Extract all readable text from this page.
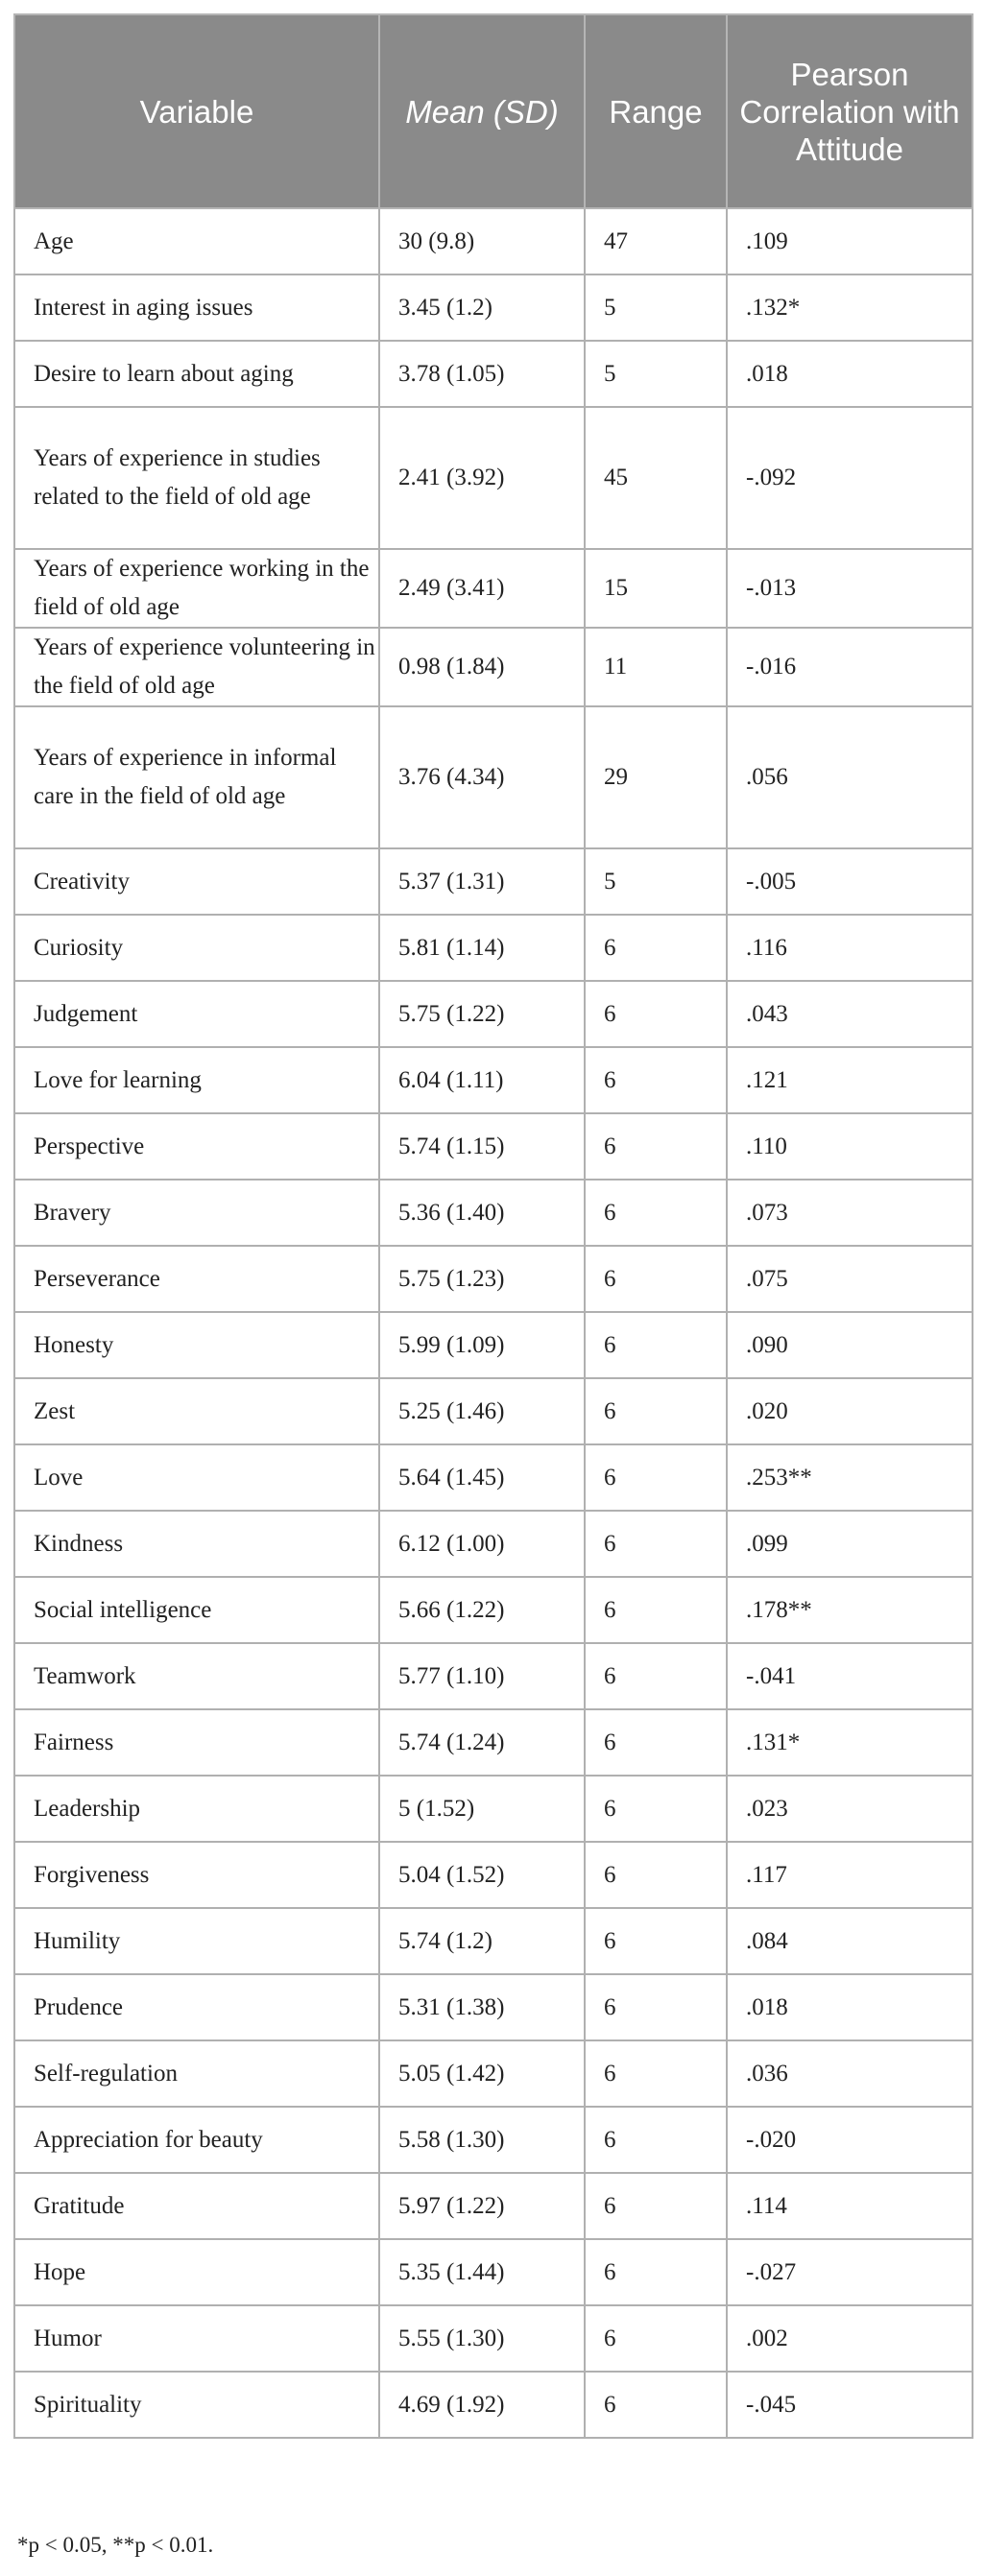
Variable	Mean (SD)	Range	Pearson Correlation with Attitude
Age	30 (9.8)	47	.109
Interest in aging issues	3.45 (1.2)	5	.132*
Desire to learn about aging	3.78 (1.05)	5	.018
Years of experience in studies related to the field of old age	2.41 (3.92)	45	-.092
Years of experience working in the field of old age	2.49 (3.41)	15	-.013
Years of experience volunteering in the field of old age	0.98 (1.84)	11	-.016
Years of experience in informal care in the field of old age	3.76 (4.34)	29	.056
Creativity	5.37 (1.31)	5	-.005
Curiosity	5.81 (1.14)	6	.116
Judgement	5.75 (1.22)	6	.043
Love for learning	6.04 (1.11)	6	.121
Perspective	5.74 (1.15)	6	.110
Bravery	5.36 (1.40)	6	.073
Perseverance	5.75 (1.23)	6	.075
Honesty	5.99 (1.09)	6	.090
Zest	5.25 (1.46)	6	.020
Love	5.64 (1.45)	6	.253**
Kindness	6.12 (1.00)	6	.099
Social intelligence	5.66 (1.22)	6	.178**
Teamwork	5.77 (1.10)	6	-.041
Fairness	5.74 (1.24)	6	.131*
Leadership	5 (1.52)	6	.023
Forgiveness	5.04 (1.52)	6	.117
Humility	5.74 (1.2)	6	.084
Prudence	5.31 (1.38)	6	.018
Self-regulation	5.05 (1.42)	6	.036
Appreciation for beauty	5.58 (1.30)	6	-.020
Gratitude	5.97 (1.22)	6	.114
Hope	5.35 (1.44)	6	-.027
Humor	5.55 (1.30)	6	.002
Spirituality	4.69 (1.92)	6	-.045
*p < 0.05, **p < 0.01.
